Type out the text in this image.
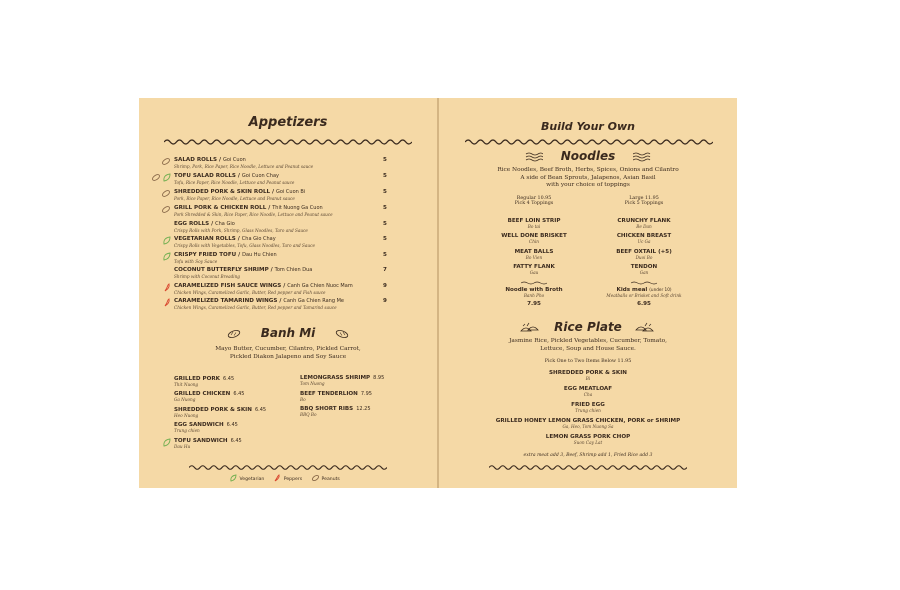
Appetizers
SALAD ROLLS / Goi Cuon
Shrimp, Pork, Rice Paper, Rice Noodle, Lettuce and Peanut sauce
5
TOFU SALAD ROLLS / Goi Cuon Chay
Tofu, Rice Paper, Rice Noodle, Lettuce and Peanut sauce
5
SHREDDED PORK & SKIN ROLL / Goi Cuon Bi
Pork, Rice Paper, Rice Noodle, Lettuce and Peanut sauce
5
GRILL PORK & CHICKEN ROLL / Thit Nuong Ga Cuon
Pork Shredded & Skin, Rice Paper, Rice Noodle, Lettuce and Peanut sauce
5
EGG ROLLS / Cha Gio
Crispy Rolls with Pork, Shrimp, Glass Noodles, Taro and Sauce
5
VEGETARIAN ROLLS / Cha Gio Chay
Crispy Rolls with Vegetables, Tofu, Glass Noodles, Taro and Sauce
5
CRISPY FRIED TOFU / Dau Hu Chien
Tofu with Soy Sauce
5
COCONUT BUTTERFLY SHRIMP / Tom Chien Dua
Shrimp with Coconut Breading
7
CARAMELIZED FISH SAUCE WINGS / Canh Ga Chien Nuoc Mam
Chicken Wings, Caramelized Garlic, Butter, Red pepper and Fish sauce
9
CARAMELIZED TAMARIND WINGS / Canh Ga Chien Rang Me
Chicken Wings, Caramelized Garlic, Butter, Red pepper and Tamarind sauce
9
Banh Mi
Mayo Butter, Cucumber, Cilantro, Pickled Carrot,
Pickled Diakon Jalapeno and Soy Sauce
GRILLED PORK 6.45
Thit Nuong
GRILLED CHICKEN 6.45
Ga Nuong
SHREDDED PORK & SKIN 6.45
Heo Nuong
EGG SANDWICH 6.45
Trung chien
TOFU SANDWICH 6.45
Dau Hu
LEMONGRASS SHRIMP 8.95
Tom Nuong
BEEF TENDERLION 7.95
Bo
BBQ SHORT RIBS 12.25
BBQ Bo
Vegetarian	Peppers	Peanuts
Build Your Own
Noodles
Rice Noodles, Beef Broth, Herbs, Spices, Onions and Cilantro
A side of Bean Sprouts, Jalapenos, Asian Basil
with your choice of toppings
Regular 10.95
Pick 4 Toppings
Large 11.95
Pick 5 Toppings
BEEF LOIN STRIP
Bo tai
CRUNCHY FLANK
Be Dan
WELL DONE BRISKET
Chin
CHICKEN BREAST
Uc Ga
MEAT BALLS
Bo Vien
BEEF OXTAIL (+5)
Duoi Bo
FATTY FLANK
Gau
TENDON
Gan
Noodle with Broth
Banh Pho
7.95
Kids meal (under 10)
Meatballs or Brisket and Soft drink
6.95
Rice Plate
Jasmine Rice, Pickled Vegetables, Cucumber, Tomato,
Lettuce, Soup and House Sauce.
Pick One to Two Items Below 11.95
SHREDDED PORK & SKIN
Bi
EGG MEATLOAF
Cha
FRIED EGG
Trung chien
GRILLED HONEY LEMON GRASS CHICKEN, PORK or SHRIMP
Ga, Heo, Tom Nuong Sa
LEMON GRASS PORK CHOP
Suon Cay Lat
extra meat add 3, Beef, Shrimp add 1, Fried Rice add 3
